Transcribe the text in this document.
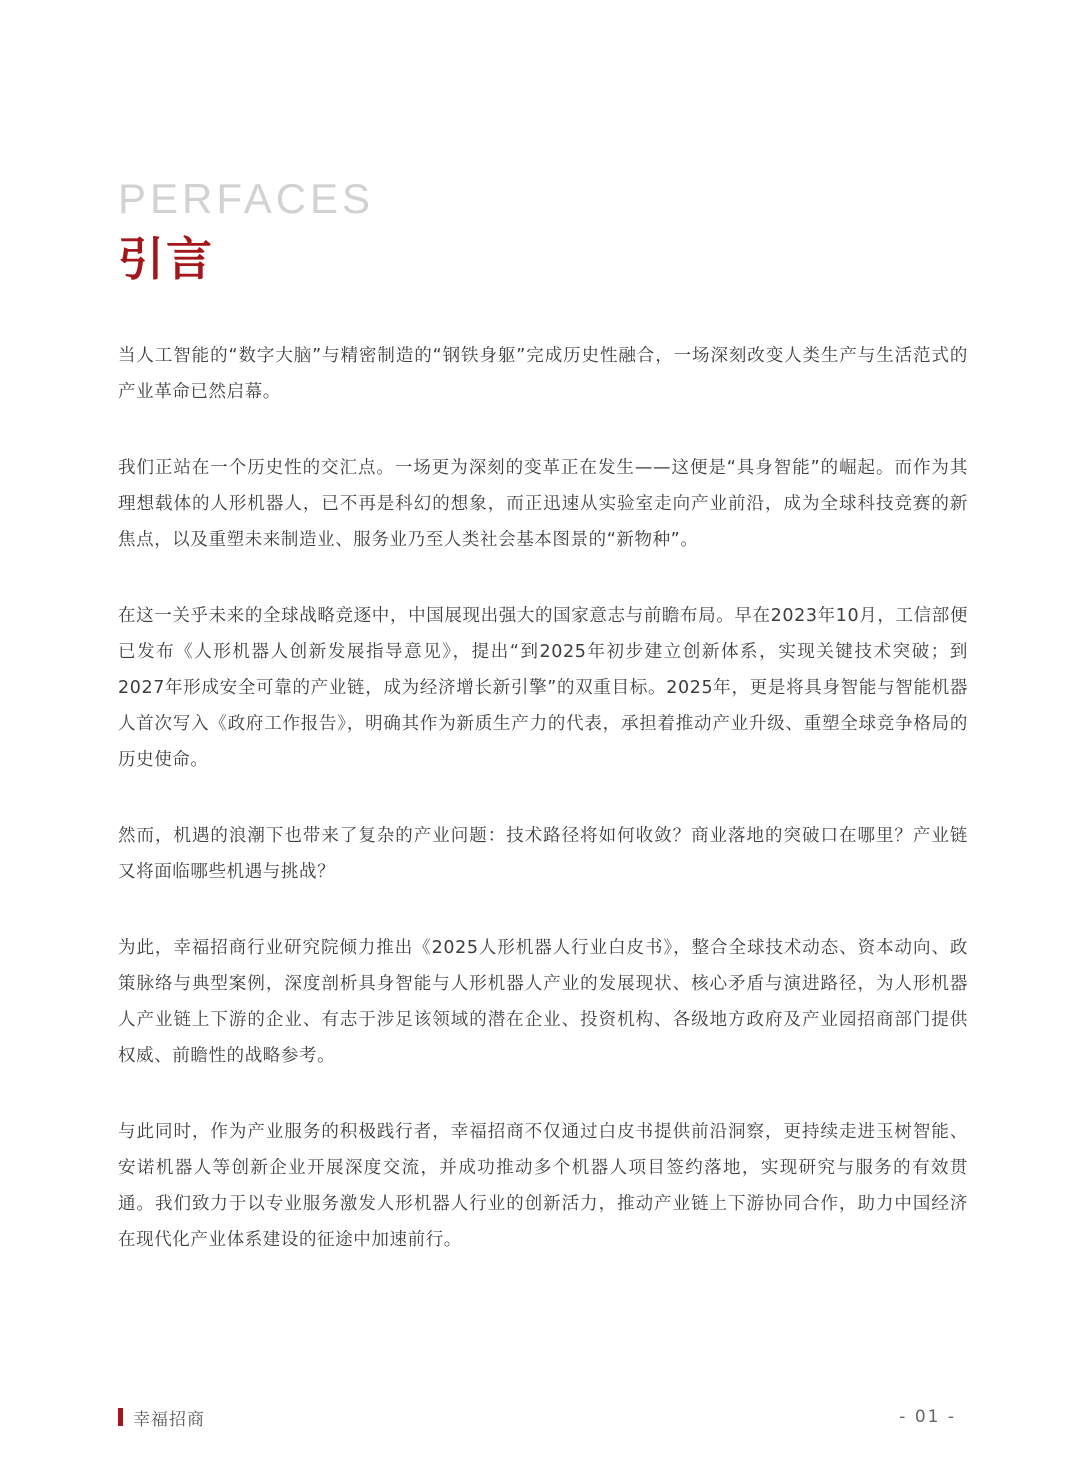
PERFACES
引言

当人工智能的“数字大脑”与精密制造的“钢铁身躯”完成历史性融合，一场深刻改变人类生产与生活范式的产业革命已然启幕。

我们正站在一个历史性的交汇点。一场更为深刻的变革正在发生——这便是“具身智能”的崛起。而作为其理想载体的人形机器人，已不再是科幻的想象，而正迅速从实验室走向产业前沿，成为全球科技竞赛的新焦点，以及重塑未来制造业、服务业乃至人类社会基本图景的“新物种”。

在这一关乎未来的全球战略竞逐中，中国展现出强大的国家意志与前瞻布局。早在2023年10月，工信部便已发布《人形机器人创新发展指导意见》，提出“到2025年初步建立创新体系，实现关键技术突破；到2027年形成安全可靠的产业链，成为经济增长新引擎”的双重目标。2025年，更是将具身智能与智能机器人首次写入《政府工作报告》，明确其作为新质生产力的代表，承担着推动产业升级、重塑全球竞争格局的历史使命。

然而，机遇的浪潮下也带来了复杂的产业问题：技术路径将如何收敛？商业落地的突破口在哪里？产业链又将面临哪些机遇与挑战？

为此，幸福招商行业研究院倾力推出《2025人形机器人行业白皮书》，整合全球技术动态、资本动向、政策脉络与典型案例，深度剖析具身智能与人形机器人产业的发展现状、核心矛盾与演进路径，为人形机器人产业链上下游的企业、有志于涉足该领域的潜在企业、投资机构、各级地方政府及产业园招商部门提供权威、前瞻性的战略参考。

与此同时，作为产业服务的积极践行者，幸福招商不仅通过白皮书提供前沿洞察，更持续走进玉树智能、安诺机器人等创新企业开展深度交流，并成功推动多个机器人项目签约落地，实现研究与服务的有效贯通。我们致力于以专业服务激发人形机器人行业的创新活力，推动产业链上下游协同合作，助力中国经济在现代化产业体系建设的征途中加速前行。

幸福招商	- 01 -
